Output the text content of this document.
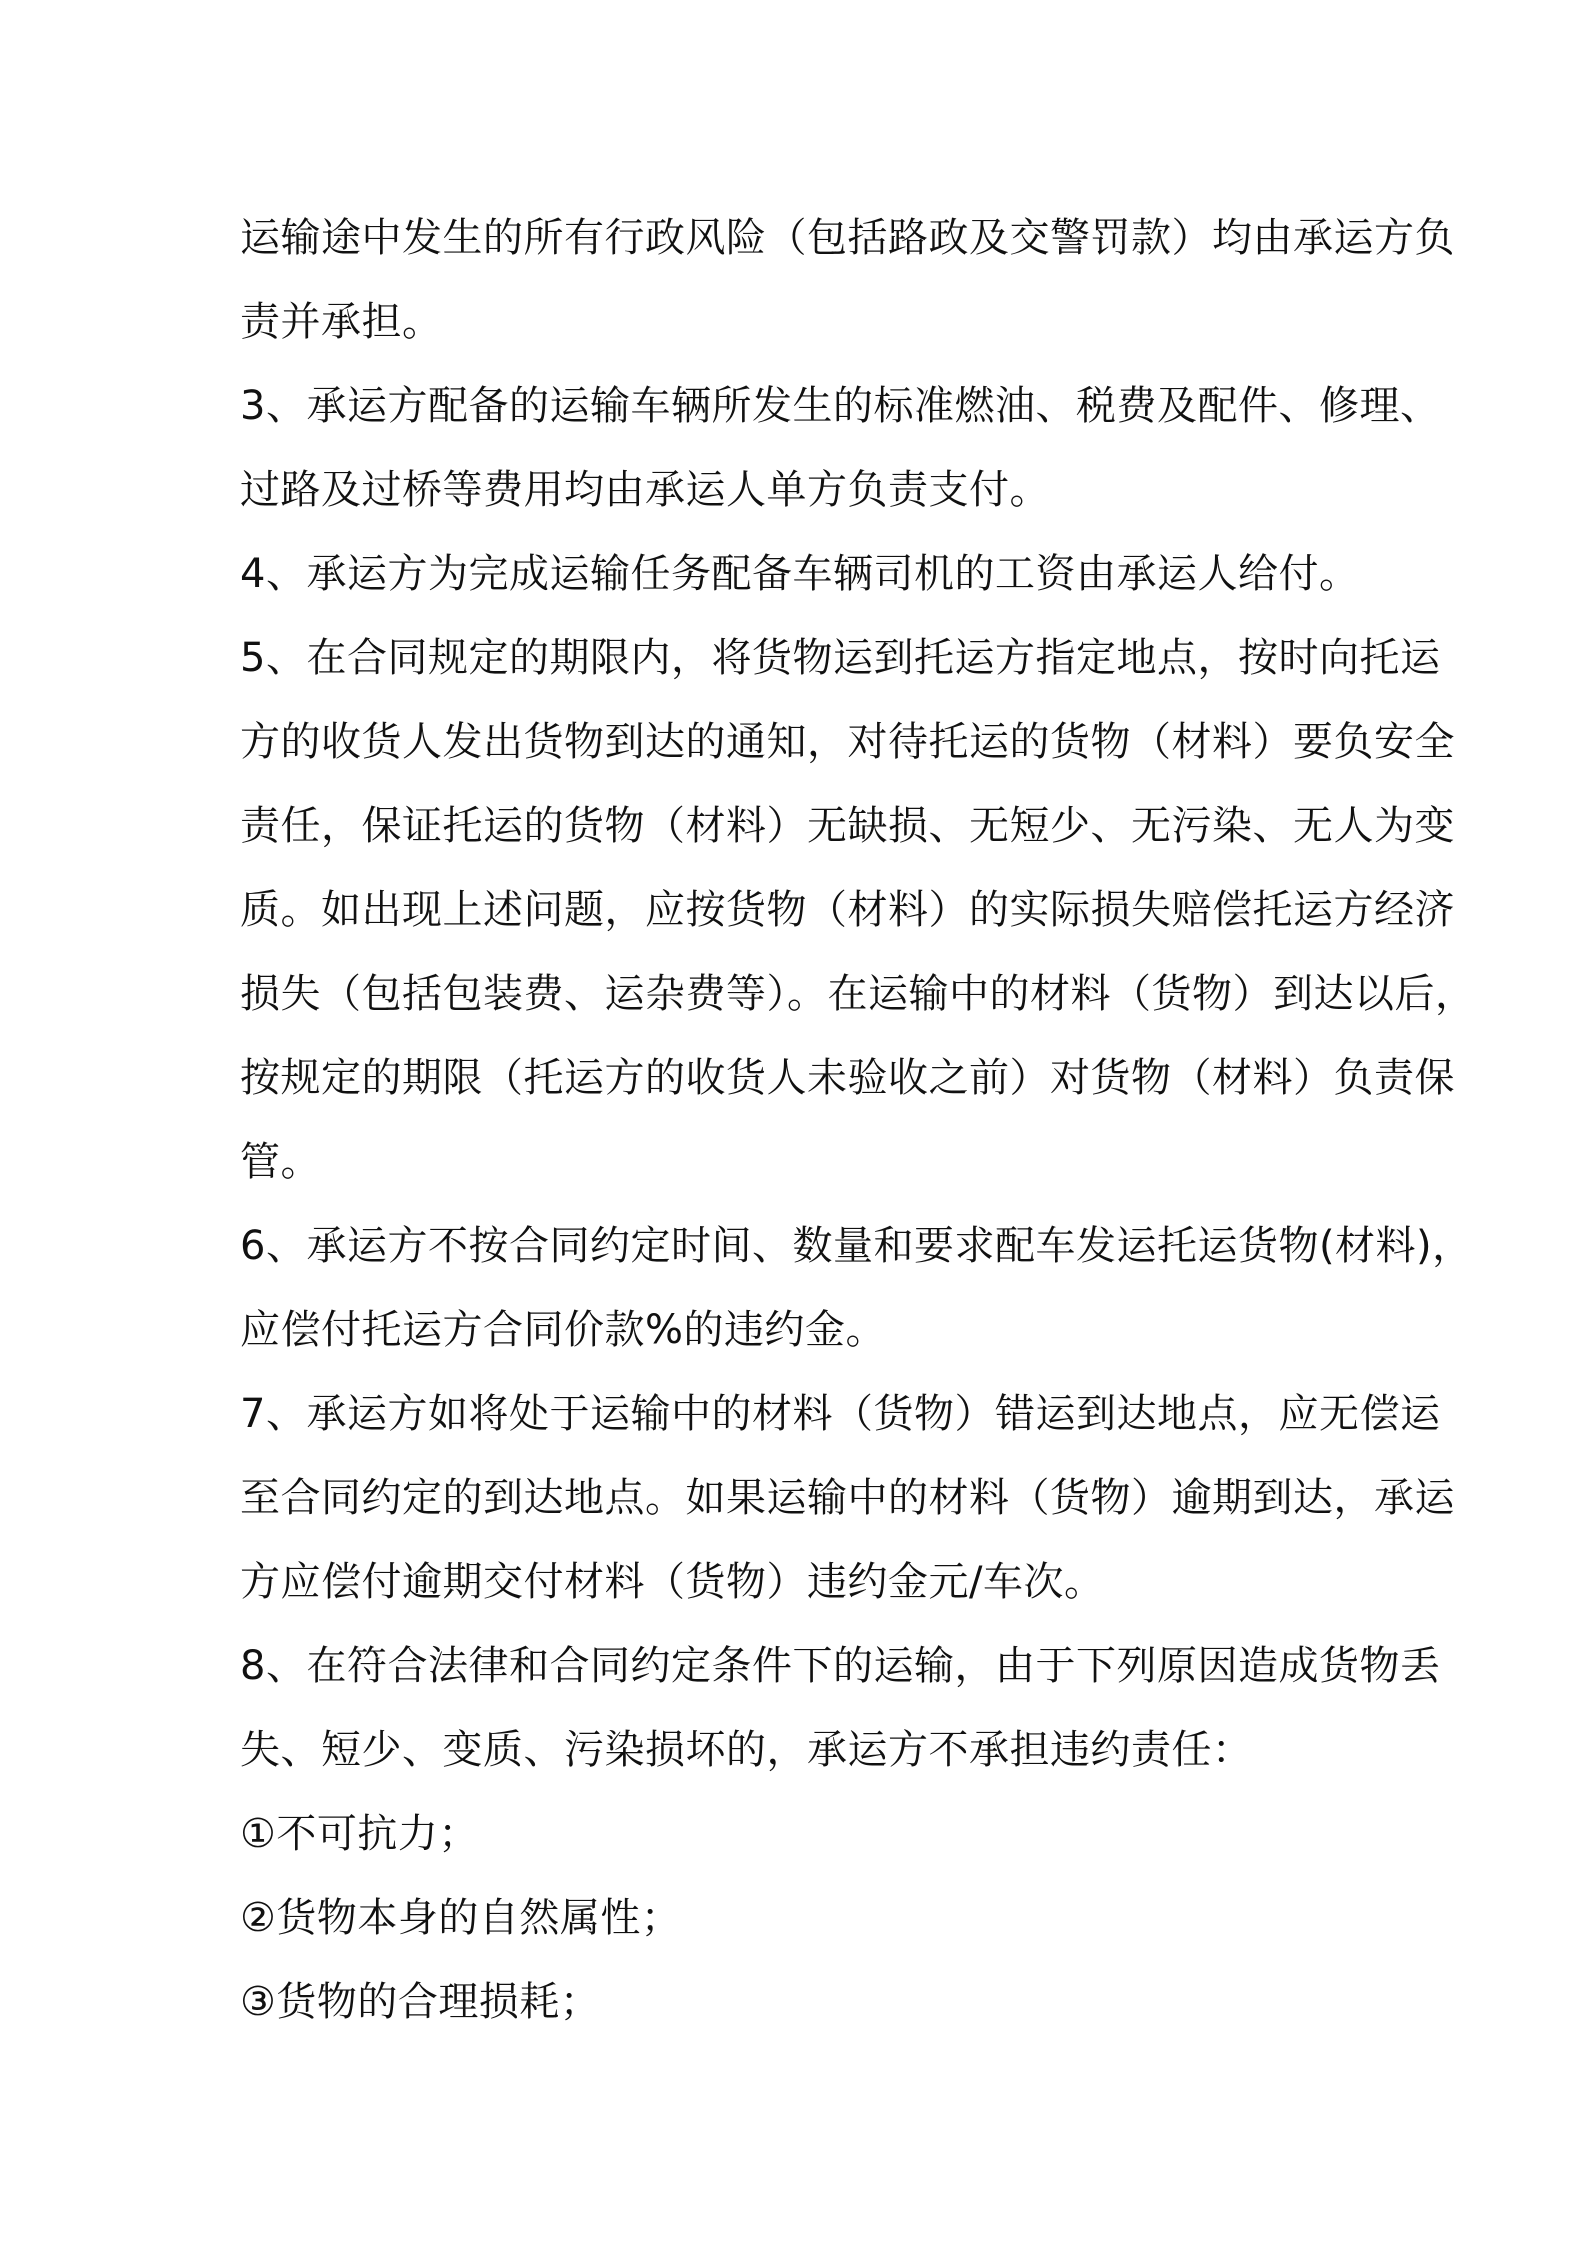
运输途中发生的所有行政风险（包括路政及交警罚款）均由承运方负
责并承担。
3、承运方配备的运输车辆所发生的标准燃油、税费及配件、修理、
过路及过桥等费用均由承运人单方负责支付。
4、承运方为完成运输任务配备车辆司机的工资由承运人给付。
5、在合同规定的期限内，将货物运到托运方指定地点，按时向托运
方的收货人发出货物到达的通知，对待托运的货物（材料）要负安全
责任，保证托运的货物（材料）无缺损、无短少、无污染、无人为变
质。如出现上述问题，应按货物（材料）的实际损失赔偿托运方经济
损失（包括包装费、运杂费等）。在运输中的材料（货物）到达以后，
按规定的期限（托运方的收货人未验收之前）对货物（材料）负责保
管。
6、承运方不按合同约定时间、数量和要求配车发运托运货物(材料)，
应偿付托运方合同价款%的违约金。
7、承运方如将处于运输中的材料（货物）错运到达地点，应无偿运
至合同约定的到达地点。如果运输中的材料（货物）逾期到达，承运
方应偿付逾期交付材料（货物）违约金元/车次。
8、在符合法律和合同约定条件下的运输，由于下列原因造成货物丢
失、短少、变质、污染损坏的，承运方不承担违约责任：
①不可抗力；
②货物本身的自然属性；
③货物的合理损耗；
